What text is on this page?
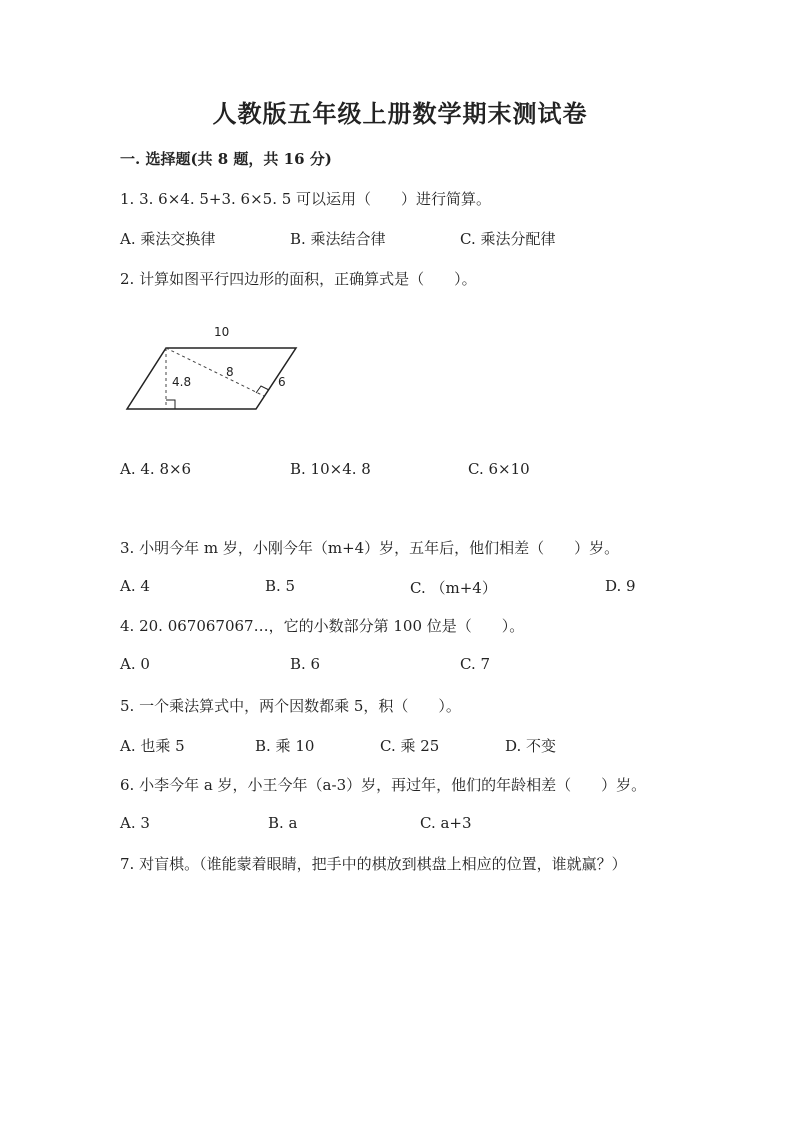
人教版五年级上册数学期末测试卷
一. 选择题(共 8 题，共 16 分)
1. 3. 6×4. 5+3. 6×5. 5 可以运用（　　）进行简算。
A. 乘法交换律	B. 乘法结合律	C. 乘法分配律
2. 计算如图平行四边形的面积，正确算式是（　　）。
10
4.8
8
6
A. 4. 8×6	B. 10×4. 8	C. 6×10
3. 小明今年 m 岁，小刚今年（m+4）岁，五年后，他们相差（　　）岁。
A. 4	B. 5	C. （m+4）	D. 9
4. 20. 067067067…，它的小数部分第 100 位是（　　）。
A. 0	B. 6	C. 7
5. 一个乘法算式中，两个因数都乘 5，积（　　）。
A. 也乘 5	B. 乘 10	C. 乘 25	D. 不变
6. 小李今年 a 岁，小王今年（a-3）岁，再过年，他们的年龄相差（　　）岁。
A. 3	B. a	C. a+3
7. 对盲棋。（谁能蒙着眼睛，把手中的棋放到棋盘上相应的位置，谁就赢？）
